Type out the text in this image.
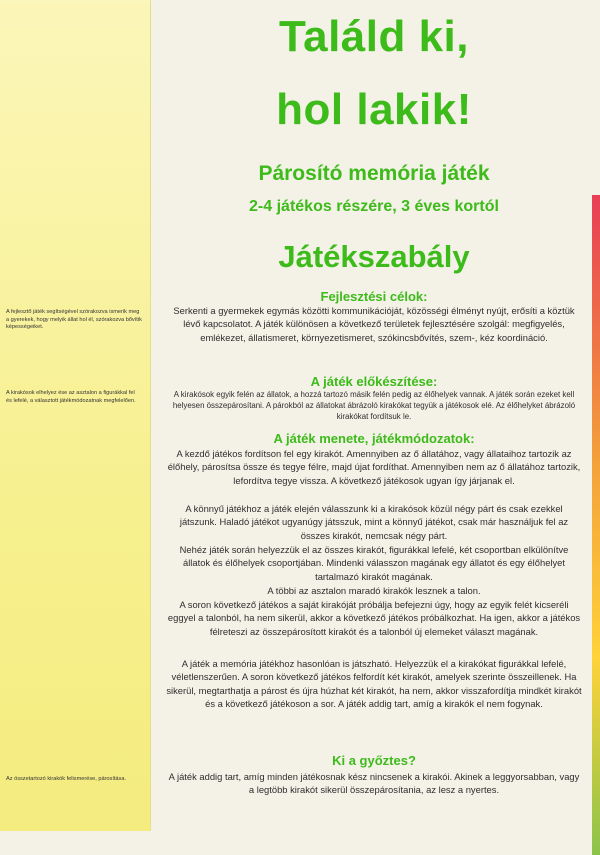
A fejlesztő játék segítségével szórakozva ismerik meg a gyerekek, hogy melyik állat hol él, szórakozva bővítik képességeiket.
A kirakósok elhelyez ése az asztalon a figurákkal fel és lefelé, a választott játékmódozatnak megfelelően.
Az összetartozó kirakók felismerése, párosítása.
Találd ki,
hol lakik!
Párosító memória játék
2-4 játékos részére, 3 éves kortól
Játékszabály
Fejlesztési célok:
Serkenti a gyermekek egymás közötti kommunikációját, közösségi élményt nyújt, erősíti a köztük lévő kapcsolatot. A játék különösen a következő területek fejlesztésére szolgál: megfigyelés, emlékezet, állatismeret, környezetismeret, szókincsbővítés, szem-, kéz koordináció.
A játék előkészítése:
A kirakósok egyik felén az állatok, a hozzá tartozó másik felén pedig az élőhelyek vannak. A játék során ezeket kell helyesen összepárosítani. A párokból az állatokat ábrázoló kirakókat tegyük a játékosok elé. Az élőhelyket ábrázoló kirakókat fordítsuk le.
A játék menete, játékmódozatok:
A kezdő játékos fordítson fel egy kirakót. Amennyiben az ő állatához, vagy állataihoz tartozik az élőhely, párosítsa össze és tegye félre, majd újat fordíthat. Amennyiben nem az ő állatához tartozik, lefordítva tegye vissza. A következő játékosok ugyan így járjanak el.
A könnyű játékhoz a játék elején válasszunk ki a kirakósok közül négy párt és csak ezekkel játszunk. Haladó játékot ugyanúgy játsszuk, mint a könnyű játékot, csak már használjuk fel az összes kirakót, nemcsak négy párt.
Nehéz játék során helyezzük el az összes kirakót, figurákkal lefelé, két csoportban elkülönítve állatok és élőhelyek csoportjában. Mindenki válasszon magának egy állatot és egy élőhelyet tartalmazó kirakót magának.
A többi az asztalon maradó kirakók lesznek a talon.
A soron következő játékos a saját kirakóját próbálja befejezni úgy, hogy az egyik felét kicseréli eggyel a talonból, ha nem sikerül, akkor a következő játékos próbálkozhat. Ha igen, akkor a játékos félreteszi az összepárosított kirakót és a talonból új elemeket választ magának.
A játék a memória játékhoz hasonlóan is játszható. Helyezzük el a kirakókat figurákkal lefelé, véletlenszerűen. A soron következő játékos felfordít két kirakót, amelyek szerinte összeillenek. Ha sikerül, megtarthatja a párost és újra húzhat két kirakót, ha nem, akkor visszafordítja mindkét kirakót és a következő játékoson a sor. A játék addig tart, amíg a kirakók el nem fogynak.
Ki a győztes?
A játék addig tart, amíg minden játékosnak kész nincsenek a kirakói. Akinek a leggyorsabban, vagy a legtöbb kirakót sikerül összepárosítania, az lesz a nyertes.
